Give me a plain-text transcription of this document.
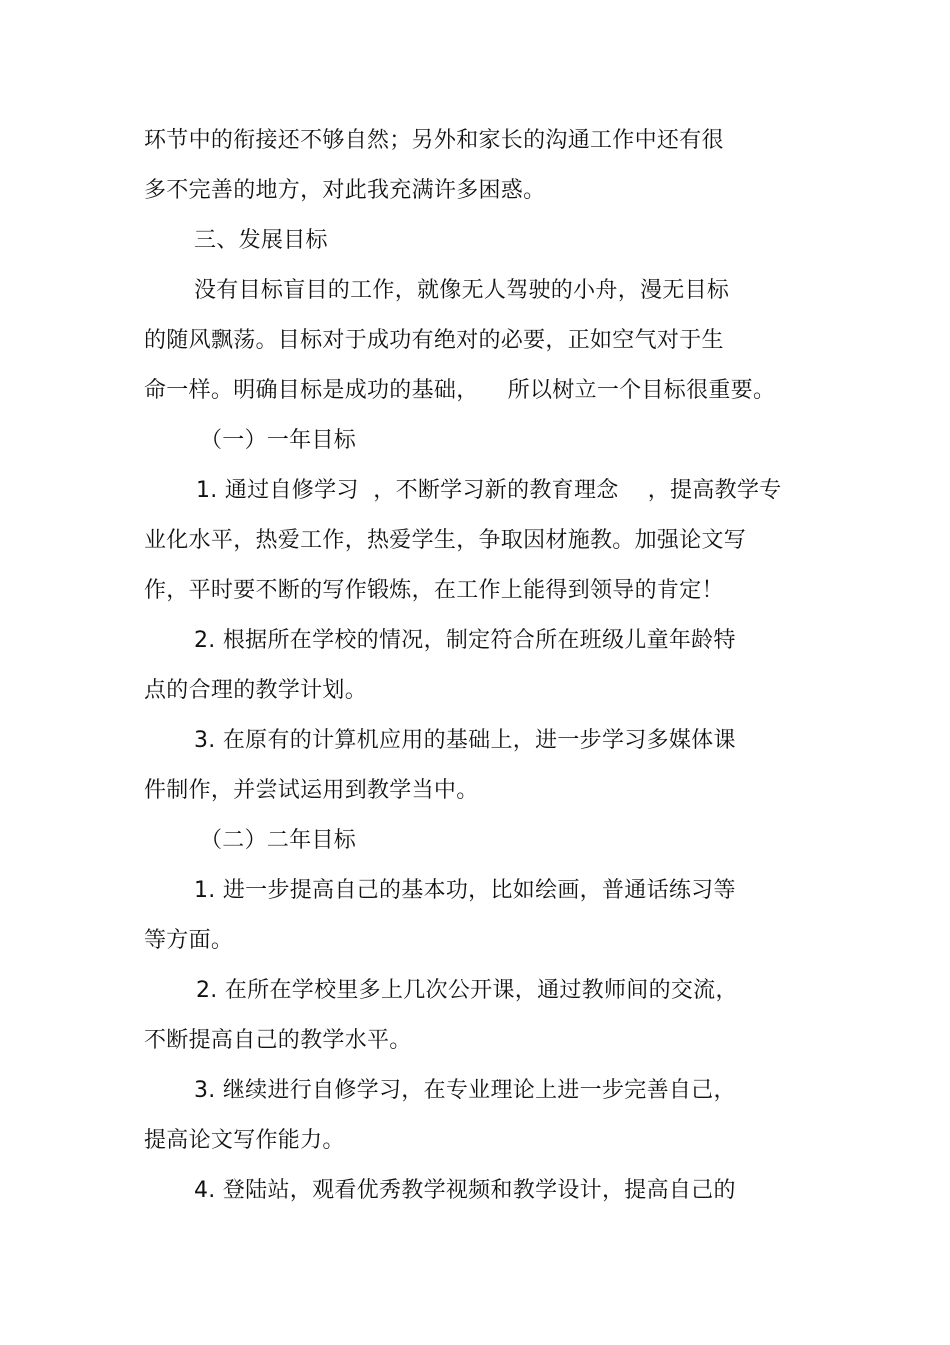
环节中的衔接还不够自然；另外和家长的沟通工作中还有很
多不完善的地方，对此我充满许多困惑。
三、发展目标
没有目标盲目的工作，就像无人驾驶的小舟，漫无目标
的随风飘荡。目标对于成功有绝对的必要，正如空气对于生
命一样。明确目标是成功的基础，    所以树立一个目标很重要。
（一）一年目标
1. 通过自修学习  ，不断学习新的教育理念    ，提高教学专
业化水平，热爱工作，热爱学生，争取因材施教。加强论文写
作，平时要不断的写作锻炼，在工作上能得到领导的肯定！
2. 根据所在学校的情况，制定符合所在班级儿童年龄特
点的合理的教学计划。
3. 在原有的计算机应用的基础上，进一步学习多媒体课
件制作，并尝试运用到教学当中。
（二）二年目标
1. 进一步提高自己的基本功，比如绘画，普通话练习等
等方面。
2. 在所在学校里多上几次公开课，通过教师间的交流，
不断提高自己的教学水平。
3. 继续进行自修学习，在专业理论上进一步完善自己，
提高论文写作能力。
4. 登陆站，观看优秀教学视频和教学设计，提高自己的
